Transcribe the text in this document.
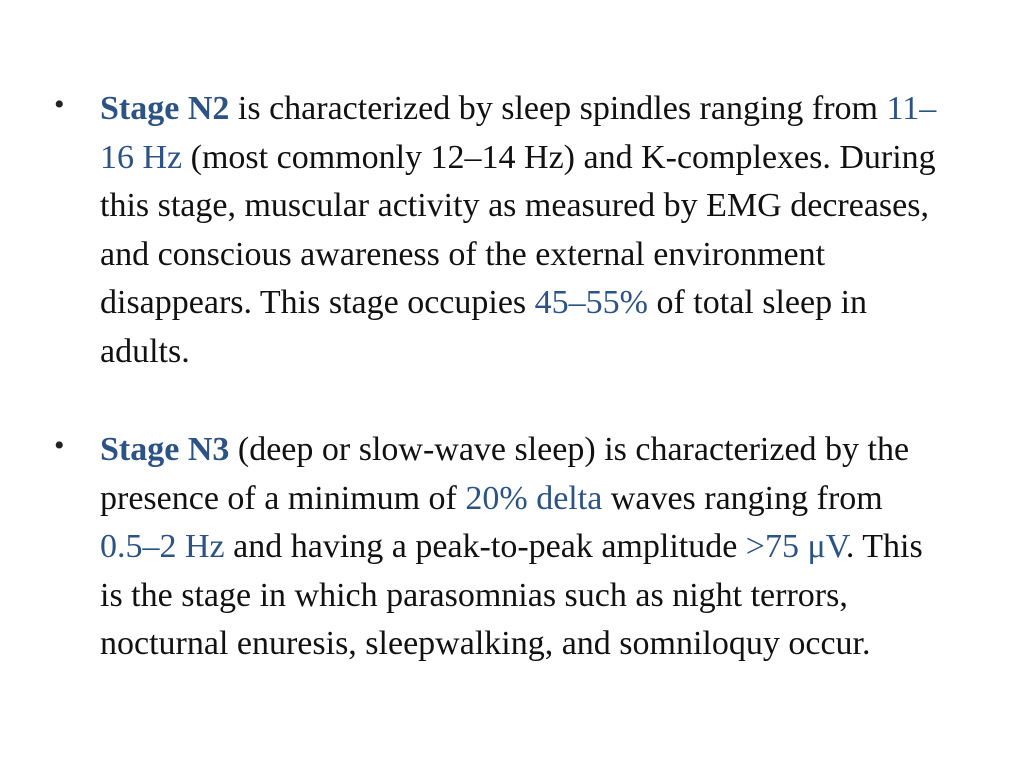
• Stage N2 is characterized by sleep spindles ranging from 11–16 Hz (most commonly 12–14 Hz) and K-complexes. During this stage, muscular activity as measured by EMG decreases, and conscious awareness of the external environment disappears. This stage occupies 45–55% of total sleep in adults.
• Stage N3 (deep or slow-wave sleep) is characterized by the presence of a minimum of 20% delta waves ranging from 0.5–2 Hz and having a peak-to-peak amplitude >75 μV. This is the stage in which parasomnias such as night terrors, nocturnal enuresis, sleepwalking, and somniloquy occur.
